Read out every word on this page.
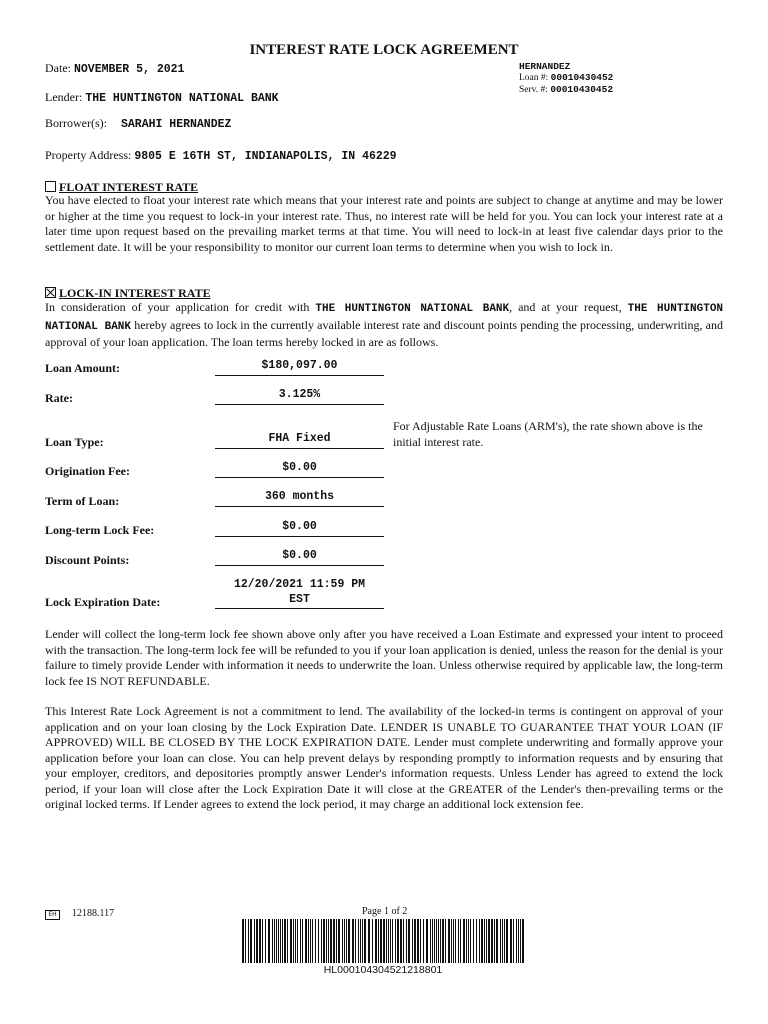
INTEREST RATE LOCK AGREEMENT
Date: NOVEMBER 5, 2021	HERNANDEZ
Loan #: 00010430452
Serv. #: 00010430452
Lender: THE HUNTINGTON NATIONAL BANK
Borrower(s): SARAHI HERNANDEZ
Property Address: 9805 E 16TH ST, INDIANAPOLIS, IN 46229
FLOAT INTEREST RATE
You have elected to float your interest rate which means that your interest rate and points are subject to change at anytime and may be lower or higher at the time you request to lock-in your interest rate. Thus, no interest rate will be held for you. You can lock your interest rate at a later time upon request based on the prevailing market terms at that time. You will need to lock-in at least five calendar days prior to the settlement date. It will be your responsibility to monitor our current loan terms to determine when you wish to lock in.
LOCK-IN INTEREST RATE
In consideration of your application for credit with THE HUNTINGTON NATIONAL BANK, and at your request, THE HUNTINGTON NATIONAL BANK hereby agrees to lock in the currently available interest rate and discount points pending the processing, underwriting, and approval of your loan application. The loan terms hereby locked in are as follows.
Loan Amount:	$180,097.00
Rate:	3.125%
For Adjustable Rate Loans (ARM's), the rate shown above is the initial interest rate.
Loan Type:	FHA Fixed
Origination Fee:	$0.00
Term of Loan:	360 months
Long-term Lock Fee:	$0.00
Discount Points:	$0.00
Lock Expiration Date:
12/20/2021 11:59 PM EST
Lender will collect the long-term lock fee shown above only after you have received a Loan Estimate and expressed your intent to proceed with the transaction. The long-term lock fee will be refunded to you if your loan application is denied, unless the reason for the denial is your failure to timely provide Lender with information it needs to underwrite the loan. Unless otherwise required by applicable law, the long-term lock fee IS NOT REFUNDABLE.
This Interest Rate Lock Agreement is not a commitment to lend. The availability of the locked-in terms is contingent on approval of your application and on your loan closing by the Lock Expiration Date. LENDER IS UNABLE TO GUARANTEE THAT YOUR LOAN (IF APPROVED) WILL BE CLOSED BY THE LOCK EXPIRATION DATE. Lender must complete underwriting and formally approve your application before your loan can close. You can help prevent delays by responding promptly to information requests and by ensuring that your employer, creditors, and depositories promptly answer Lender's information requests. Unless Lender has agreed to extend the lock period, if your loan will close after the Lock Expiration Date it will close at the GREATER of the Lender's then-prevailing terms or the original locked terms. If Lender agrees to extend the lock period, it may charge an additional lock extension fee.
EH 12188.117	Page 1 of 2
HL000104304521218801
